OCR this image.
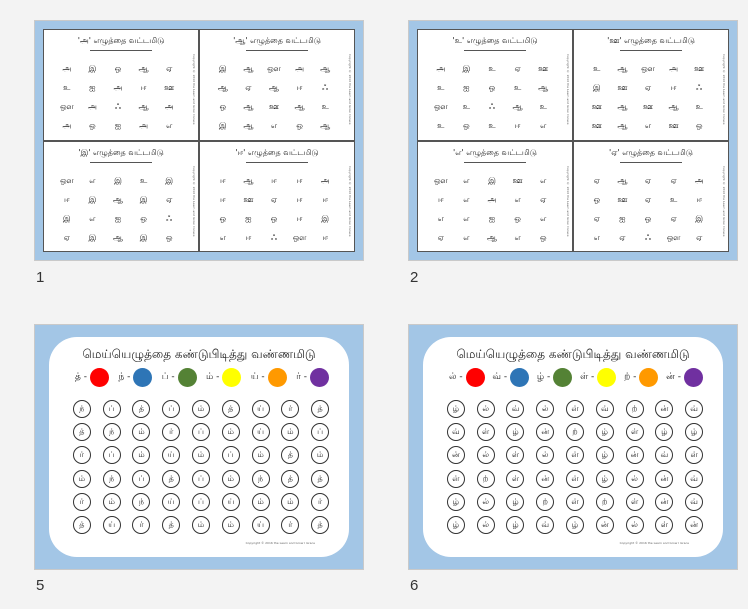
'அ' எழுத்தை வட்டமிடு
அ இ ஒ ஆ ஏ
உ ஐ அ ஈ ஊ
ஔ அ ஃ ஆ அ
அ ஒ ஐ அ எ
Copyright © 2016 the Learn and Grow I Grace
'ஆ' எழுத்தை வட்டமிடு
இ ஆ ஔ அ ஆ
ஆ ஏ ஆ ஈ ஃ
ஒ ஆ ஊ ஆ உ
இ ஆ எ ஒ ஆ
Copyright © 2016 the Learn and Grow I Grace
'இ' எழுத்தை வட்டமிடு
ஔ எ இ உ இ
ஈ இ ஆ இ ஏ
இ எ ஐ ஒ ஃ
ஏ இ ஆ இ ஒ
Copyright © 2016 the Learn and Grow I Grace
'ஈ' எழுத்தை வட்டமிடு
ஈ ஆ ஈ ஈ அ
ஈ ஊ ஏ ஈ ஈ
ஒ ஐ ஒ ஈ இ
எ ஈ ஃ ஔ ஈ
Copyright © 2016 the Learn and Grow I Grace
1
'உ' எழுத்தை வட்டமிடு
அ இ உ ஏ ஊ
உ ஐ ஒ உ ஆ
ஔ உ ஃ ஆ உ
உ ஒ உ ஈ எ
Copyright © 2016 the Learn and Grow I Grace
'ஊ' எழுத்தை வட்டமிடு
உ ஆ ஔ அ ஊ
இ ஊ ஏ ஈ ஃ
ஊ ஆ ஊ ஆ உ
ஊ ஆ எ ஊ ஒ
Copyright © 2016 the Learn and Grow I Grace
'எ' எழுத்தை வட்டமிடு
ஔ எ இ ஊ எ
ஈ எ அ எ ஏ
எ எ ஐ ஒ எ
ஏ எ ஆ எ ஒ
Copyright © 2016 the Learn and Grow I Grace
'ஏ' எழுத்தை வட்டமிடு
ஏ ஆ ஏ ஏ அ
ஒ ஊ ஏ உ ஈ
ஏ ஐ ஒ ஏ இ
எ ஏ ஃ ஔ ஏ
Copyright © 2016 the Learn and Grow I Grace
2
மெய்யெழுத்தை கண்டுபிடித்து வண்ணமிடு
த் -	ந் -	ப் -	ம் -	ய் -	ர் -
ந்	ப்	த்	ப்	ம்	த்	ய்	ர்	த்
த்	ந்	ம்	ர்	ப்	ம்	ய்	ம்	ப்
ர்	ப்	ம்	ய்	ம்	ப்	ம்	த்	ம்
ம்	ந்	ப்	த்	ப்	ம்	ந்	த்	த்
ர்	ம்	ந்	ய்	ப்	ய்	ம்	ம்	ர்
த்	ய்	ர்	த்	ம்	ம்	ய்	ர்	த்
Copyright © 2016 the Learn and Grow I Grace
5
மெய்யெழுத்தை கண்டுபிடித்து வண்ணமிடு
ல் -	வ் -	ழ் -	ள் -	ற் -	ன் -
ழ்	ல்	வ்	ல்	ள்	வ்	ற்	ன்	வ்
வ்	ள்	ழ்	ன்	ற்	ழ்	ள்	ழ்	ழ்
ன்	ல்	ள்	ல்	ள்	ழ்	ன்	வ்	ள்
ள்	ற்	ள்	ன்	ள்	ழ்	ல்	ன்	வ்
ழ்	ல்	ழ்	ற்	ள்	ற்	ள்	ன்	வ்
ழ்	ல்	ழ்	வ்	ழ்	ன்	ல்	ள்	ன்
Copyright © 2016 the Learn and Grow I Grace
6
